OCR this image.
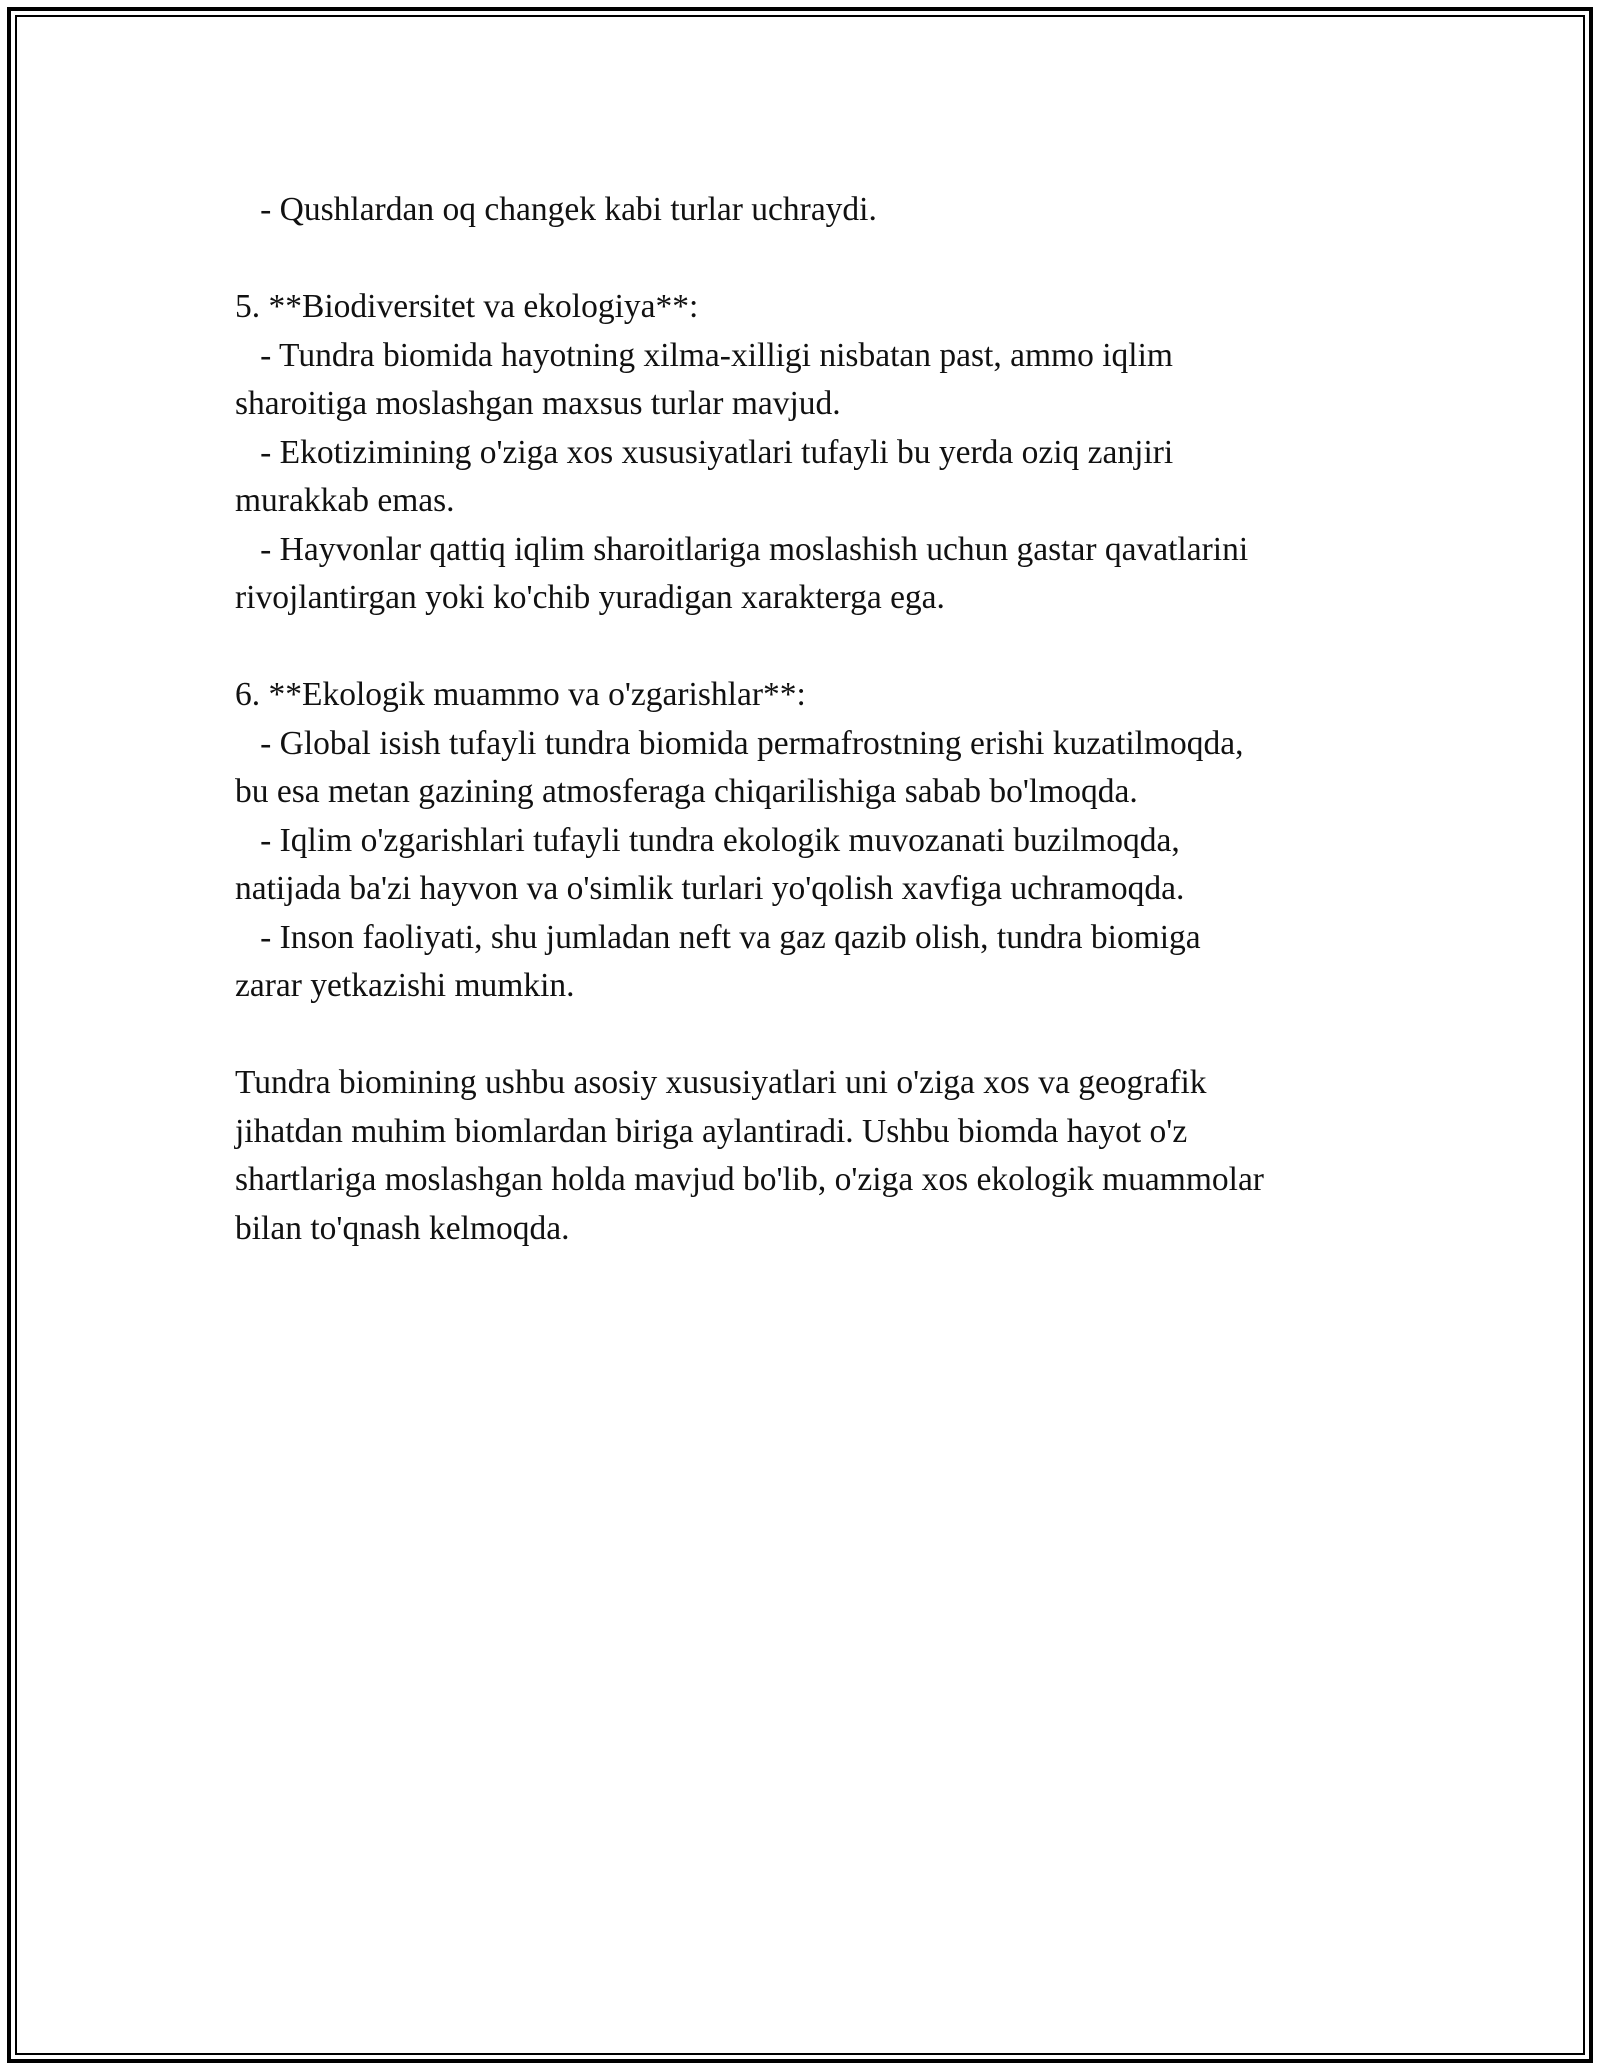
- Qushlardan oq changek kabi turlar uchraydi.

5. **Biodiversitet va ekologiya**:

- Tundra biomida hayotning xilma-xilligi nisbatan past, ammo iqlim

sharoitiga moslashgan maxsus turlar mavjud.

- Ekotizimining o'ziga xos xususiyatlari tufayli bu yerda oziq zanjiri

murakkab emas.

- Hayvonlar qattiq iqlim sharoitlariga moslashish uchun gastar qavatlarini

rivojlantirgan yoki ko'chib yuradigan xarakterga ega.

6. **Ekologik muammo va o'zgarishlar**:

- Global isish tufayli tundra biomida permafrostning erishi kuzatilmoqda,

bu esa metan gazining atmosferaga chiqarilishiga sabab bo'lmoqda.

- Iqlim o'zgarishlari tufayli tundra ekologik muvozanati buzilmoqda,

natijada ba'zi hayvon va o'simlik turlari yo'qolish xavfiga uchramoqda.

- Inson faoliyati, shu jumladan neft va gaz qazib olish, tundra biomiga

zarar yetkazishi mumkin.

Tundra biomining ushbu asosiy xususiyatlari uni o'ziga xos va geografik

jihatdan muhim biomlardan biriga aylantiradi. Ushbu biomda hayot o'z

shartlariga moslashgan holda mavjud bo'lib, o'ziga xos ekologik muammolar

bilan to'qnash kelmoqda.
